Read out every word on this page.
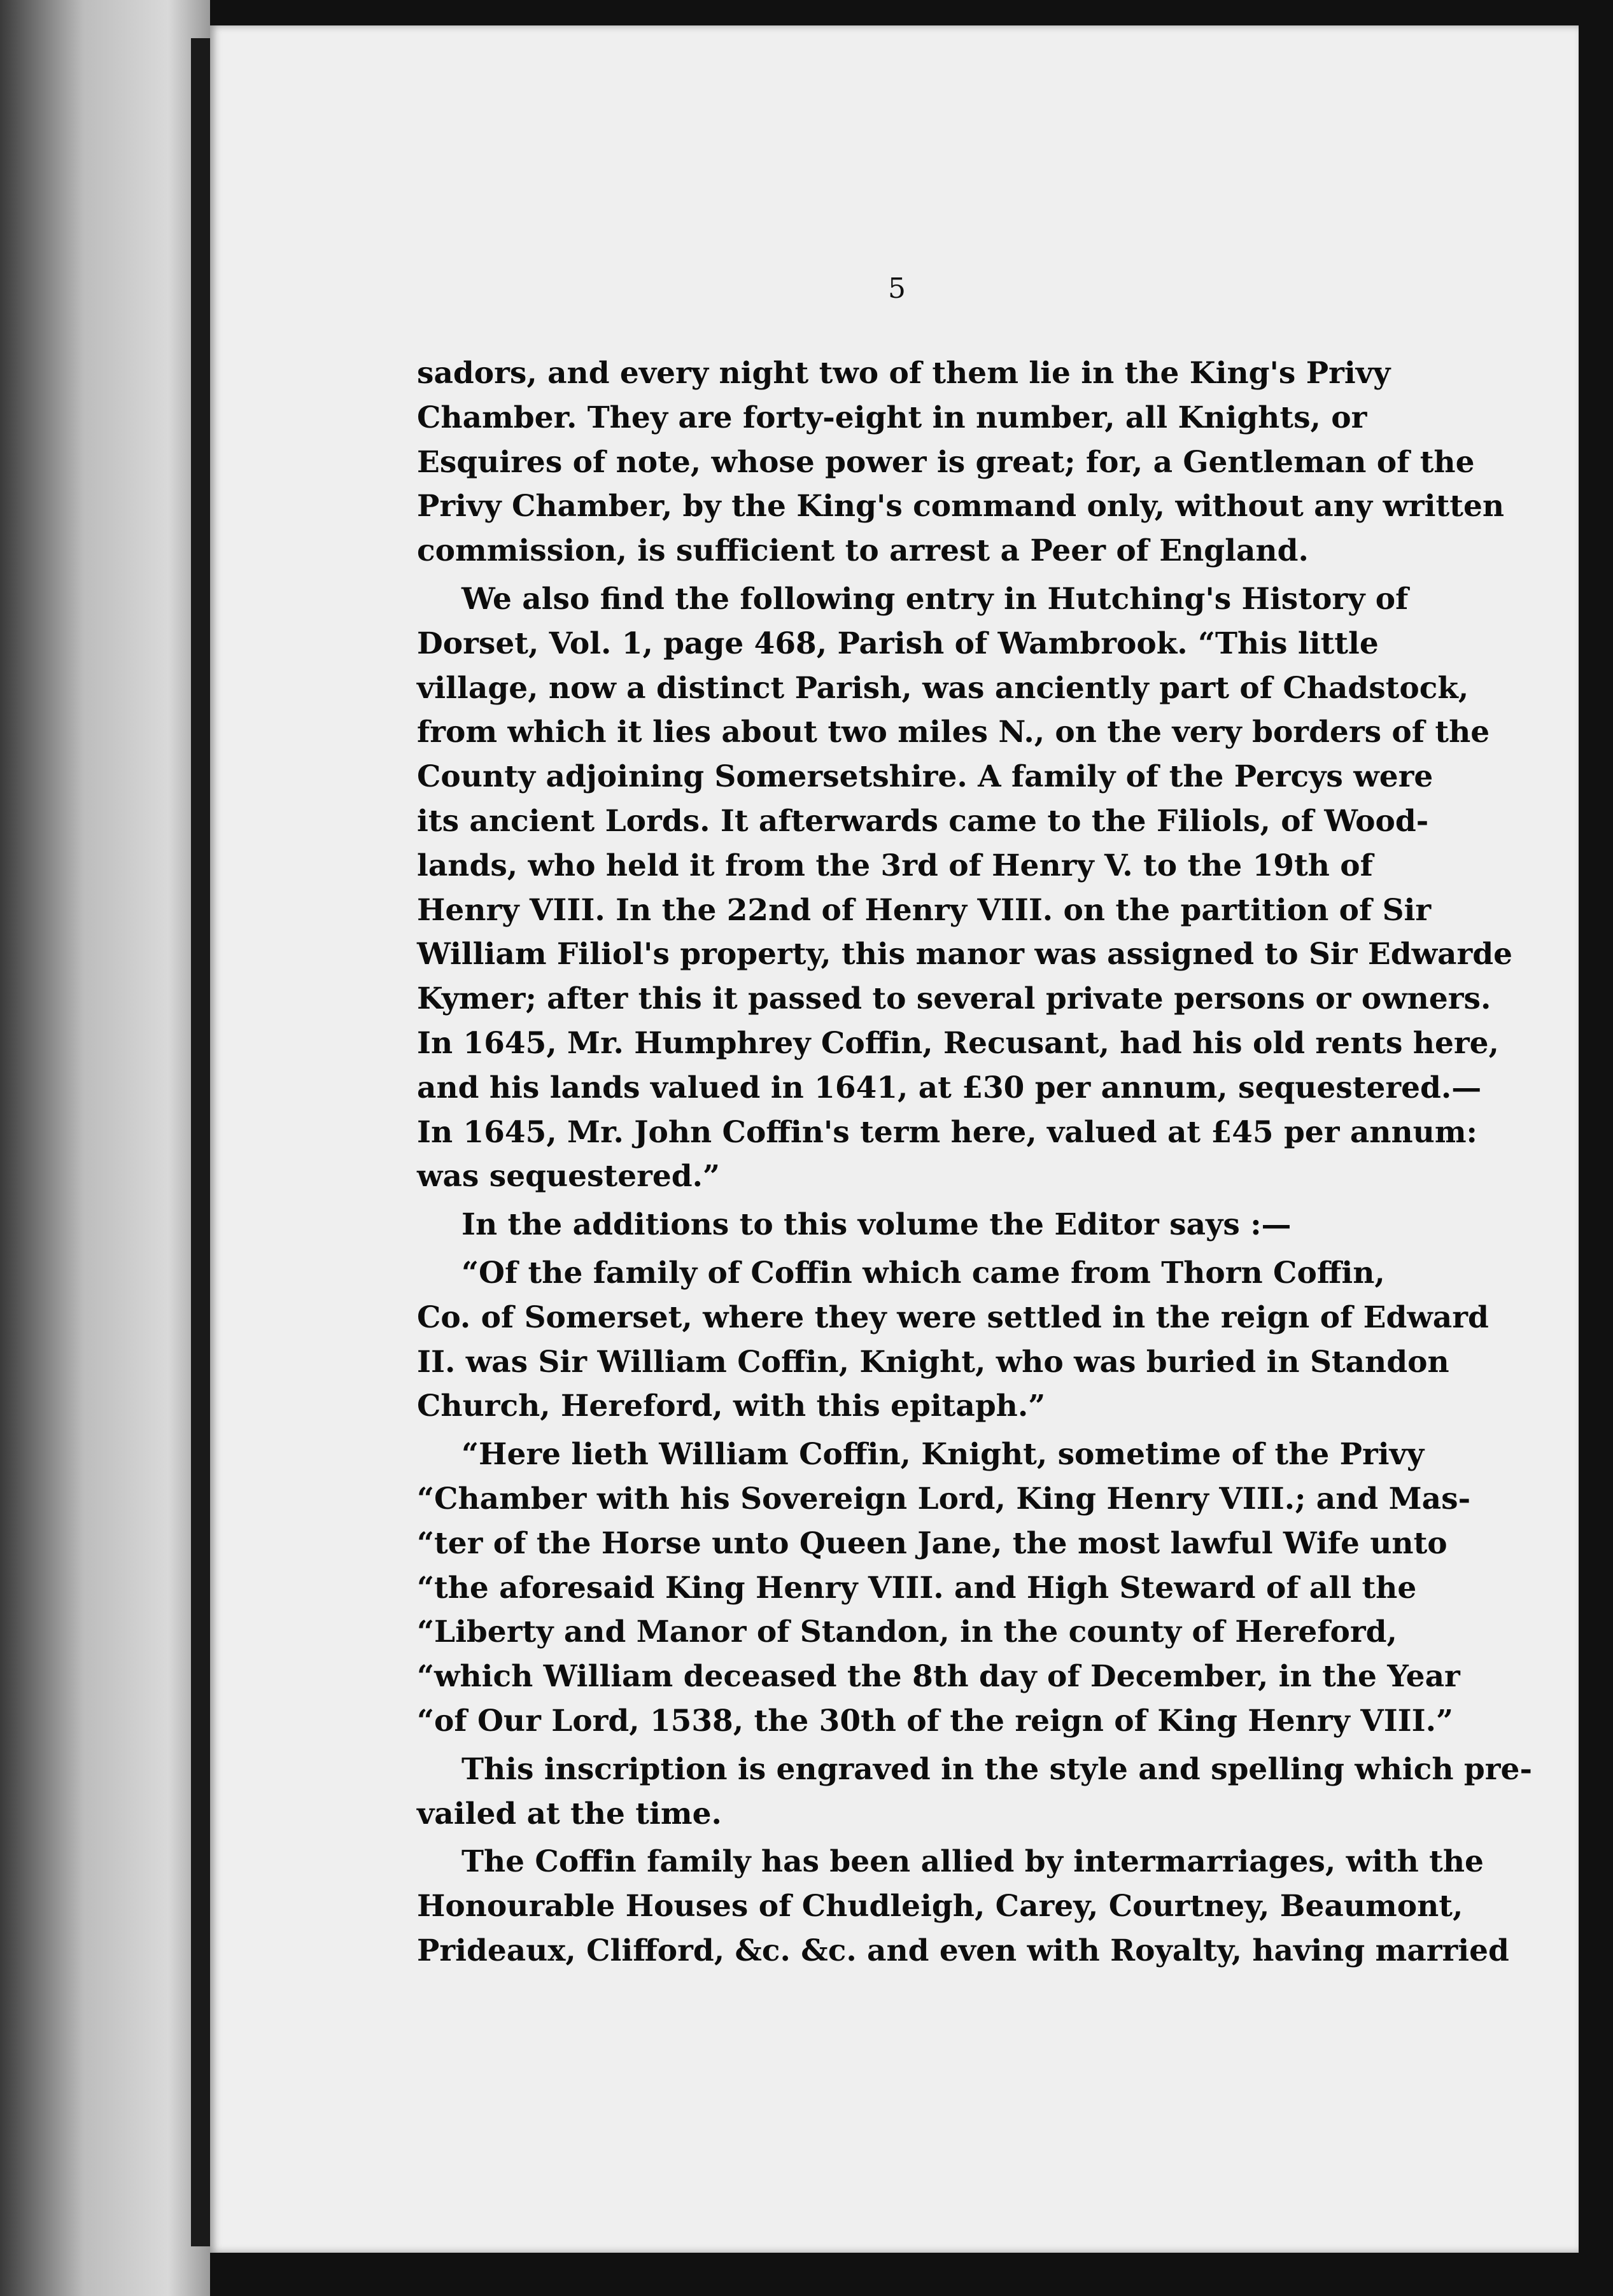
5

sadors, and every night two of them lie in the King's Privy
Chamber. They are forty-eight in number, all Knights, or
Esquires of note, whose power is great; for, a Gentleman of the
Privy Chamber, by the King's command only, without any written
commission, is sufficient to arrest a Peer of England.

We also find the following entry in Hutching's History of
Dorset, Vol. 1, page 468, Parish of Wambrook. “This little
village, now a distinct Parish, was anciently part of Chadstock,
from which it lies about two miles N., on the very borders of the
County adjoining Somersetshire. A family of the Percys were
its ancient Lords. It afterwards came to the Filiols, of Wood-
lands, who held it from the 3rd of Henry V. to the 19th of
Henry VIII. In the 22nd of Henry VIII. on the partition of Sir
William Filiol's property, this manor was assigned to Sir Edwarde
Kymer; after this it passed to several private persons or owners.
In 1645, Mr. Humphrey Coffin, Recusant, had his old rents here,
and his lands valued in 1641, at £30 per annum, sequestered.—
In 1645, Mr. John Coffin's term here, valued at £45 per annum:
was sequestered.”

In the additions to this volume the Editor says :—

“Of the family of Coffin which came from Thorn Coffin,
Co. of Somerset, where they were settled in the reign of Edward
II. was Sir William Coffin, Knight, who was buried in Standon
Church, Hereford, with this epitaph.”

“Here lieth William Coffin, Knight, sometime of the Privy
“Chamber with his Sovereign Lord, King Henry VIII.; and Mas-
“ter of the Horse unto Queen Jane, the most lawful Wife unto
“the aforesaid King Henry VIII. and High Steward of all the
“Liberty and Manor of Standon, in the county of Hereford,
“which William deceased the 8th day of December, in the Year
“of Our Lord, 1538, the 30th of the reign of King Henry VIII.”

This inscription is engraved in the style and spelling which pre-
vailed at the time.

The Coffin family has been allied by intermarriages, with the
Honourable Houses of Chudleigh, Carey, Courtney, Beaumont,
Prideaux, Clifford, &c. &c. and even with Royalty, having married
